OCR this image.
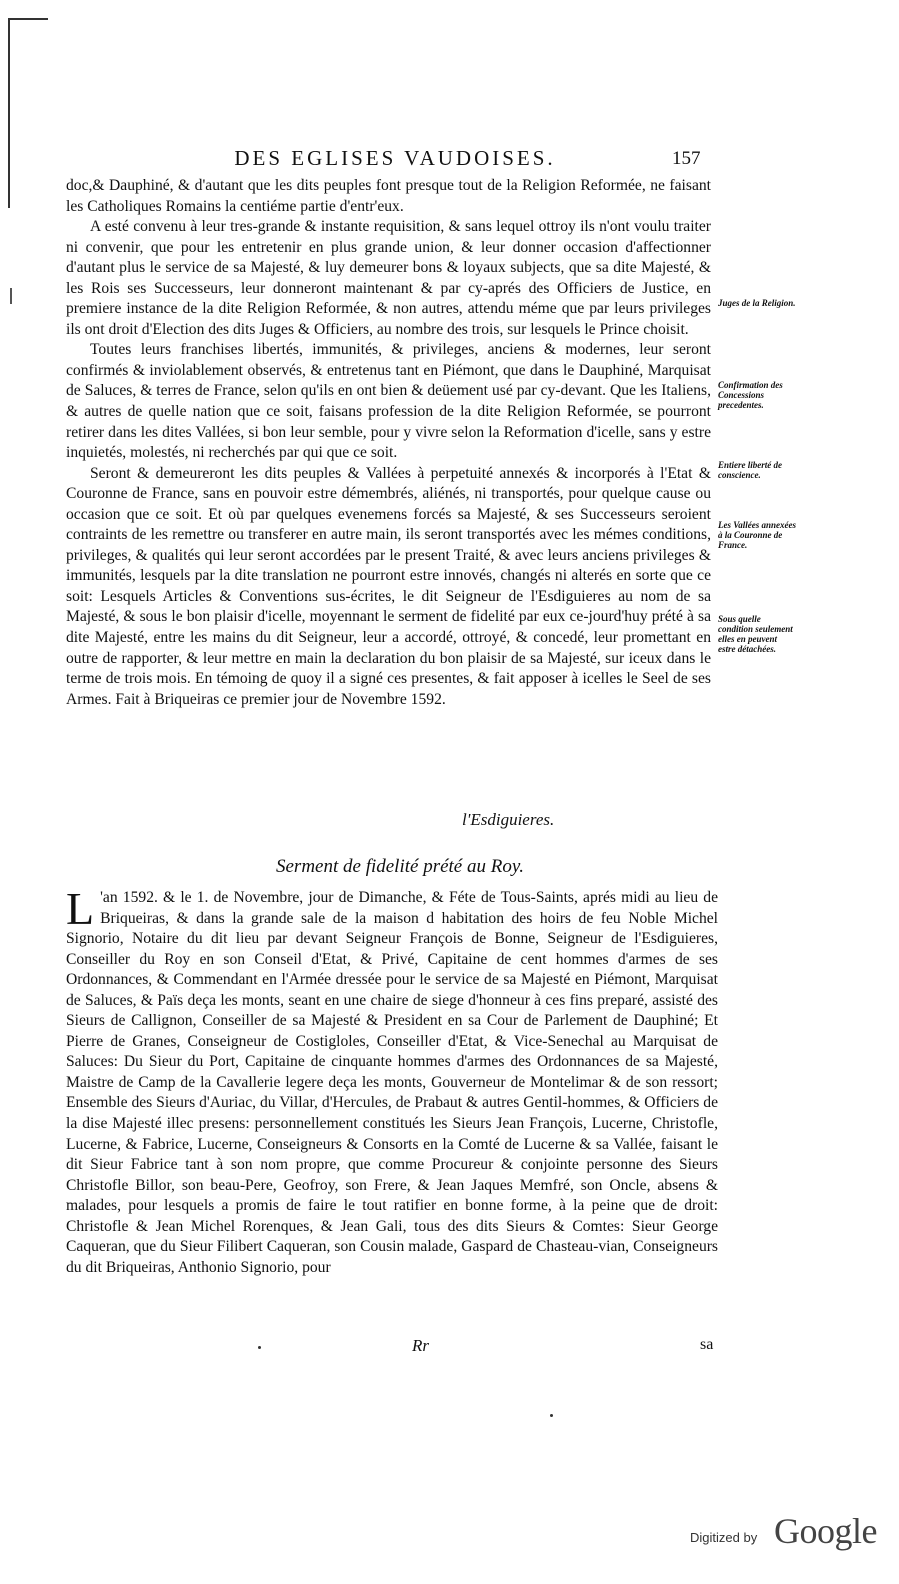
DES EGLISES VAUDOISES.	157

doc,& Dauphiné, & d'autant que les dits peuples font presque tout de la Religion Reformée, ne faisant les Catholiques Romains la centiéme partie d'entr'eux.

A esté convenu à leur tres-grande & instante requisition, & sans lequel ottroy ils n'ont voulu traiter ni convenir, que pour les entretenir en plus grande union, & leur donner occasion d'affectionner d'autant plus le service de sa Majesté, & luy demeurer bons & loyaux subjects, que sa dite Majesté, & les Rois ses Successeurs, leur donneront maintenant & par cy-aprés des Officiers de Justice, en premiere instance de la dite Religion Reformée, & non autres, attendu méme que par leurs privileges ils ont droit d'Election des dits Juges & Officiers, au nombre des trois, sur lesquels le Prince choisit.

Toutes leurs franchises libertés, immunités, & privileges, anciens & modernes, leur seront confirmés & inviolablement observés, & entretenus tant en Piémont, que dans le Dauphiné, Marquisat de Saluces, & terres de France, selon qu'ils en ont bien & deüement usé par cy-devant. Que les Italiens, & autres de quelle nation que ce soit, faisans profession de la dite Religion Reformée, se pourront retirer dans les dites Vallées, si bon leur semble, pour y vivre selon la Reformation d'icelle, sans y estre inquietés, molestés, ni recherchés par qui que ce soit.

Seront & demeureront les dits peuples & Vallées à perpetuité annexés & incorporés à l'Etat & Couronne de France, sans en pouvoir estre démembrés, aliénés, ni transportés, pour quelque cause ou occasion que ce soit. Et où par quelques evenemens forcés sa Majesté, & ses Successeurs seroient contraints de les remettre ou transferer en autre main, ils seront transportés avec les mémes conditions, privileges, & qualités qui leur seront accordées par le present Traité, & avec leurs anciens privileges & immunités, lesquels par la dite translation ne pourront estre innovés, changés ni alterés en sorte que ce soit: Lesquels Articles & Conventions sus-écrites, le dit Seigneur de l'Esdiguieres au nom de sa Majesté, & sous le bon plaisir d'icelle, moyennant le serment de fidelité par eux ce-jourd'huy prété à sa dite Majesté, entre les mains du dit Seigneur, leur a accordé, ottroyé, & concedé, leur promettant en outre de rapporter, & leur mettre en main la declaration du bon plaisir de sa Majesté, sur iceux dans le terme de trois mois. En témoing de quoy il a signé ces presentes, & fait apposer à icelles le Seel de ses Armes. Fait à Briqueiras ce premier jour de Novembre 1592.

Juges de la Religion.
Confirmation des Concessions precedentes.
Entiere liberté de conscience.
Les Vallées annexées à la Couronne de France.
Sous quelle condition seulement elles en peuvent estre détachées.
l'Esdiguieres.
Serment de fidelité prété au Roy.
L 'an 1592. & le 1. de Novembre, jour de Dimanche, & Féte de Tous-Saints, aprés midi au lieu de Briqueiras, & dans la grande sale de la maison d habitation des hoirs de feu Noble Michel Signorio, Notaire du dit lieu par devant Seigneur François de Bonne, Seigneur de l'Esdiguieres, Conseiller du Roy en son Conseil d'Etat, & Privé, Capitaine de cent hommes d'armes de ses Ordonnances, & Commendant en l'Armée dressée pour le service de sa Majesté en Piémont, Marquisat de Saluces, & Païs deça les monts, seant en une chaire de siege d'honneur à ces fins preparé, assisté des Sieurs de Callignon, Conseiller de sa Majesté & President en sa Cour de Parlement de Dauphiné; Et Pierre de Granes, Conseigneur de Costigloles, Conseiller d'Etat, & Vice-Senechal au Marquisat de Saluces: Du Sieur du Port, Capitaine de cinquante hommes d'armes des Ordonnances de sa Majesté, Maistre de Camp de la Cavallerie legere deça les monts, Gouverneur de Montelimar & de son ressort; Ensemble des Sieurs d'Auriac, du Villar, d'Hercules, de Prabaut & autres Gentil-hommes, & Officiers de la dise Majesté illec presens: personnellement constitués les Sieurs Jean François, Lucerne, Christofle, Lucerne, & Fabrice, Lucerne, Conseigneurs & Consorts en la Comté de Lucerne & sa Vallée, faisant le dit Sieur Fabrice tant à son nom propre, que comme Procureur & conjointe personne des Sieurs Christofle Billor, son beau-Pere, Geofroy, son Frere, & Jean Jaques Memfré, son Oncle, absens & malades, pour lesquels a promis de faire le tout ratifier en bonne forme, à la peine que de droit: Christofle & Jean Michel Rorenques, & Jean Gali, tous des dits Sieurs & Comtes: Sieur George Caqueran, que du Sieur Filibert Caqueran, son Cousin malade, Gaspard de Chasteau-vian, Conseigneurs du dit Briqueiras, Anthonio Signorio, pour
Rr	sa
Digitized by Google
